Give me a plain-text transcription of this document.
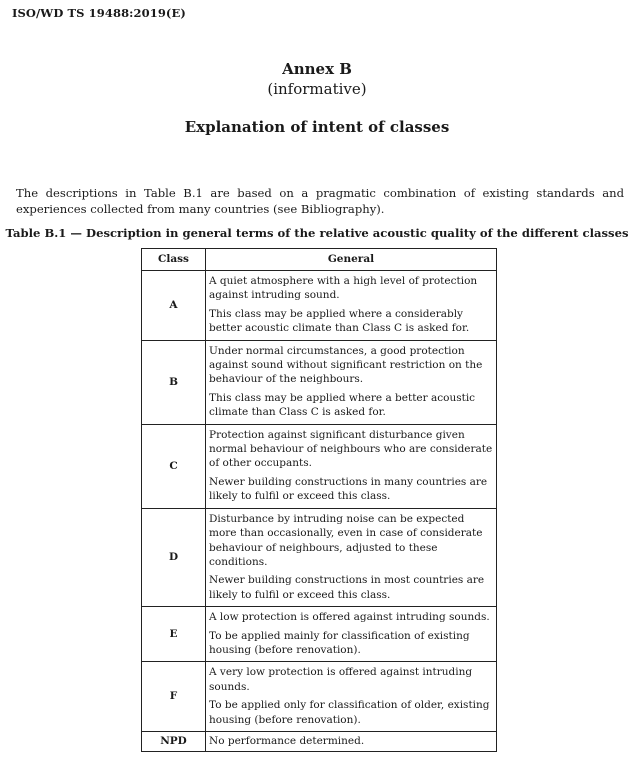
ISO/WD TS 19488:2019(E)
Annex B
(informative)
Explanation of intent of classes
The descriptions in Table B.1 are based on a pragmatic combination of existing standards and experiences collected from many countries (see Bibliography).
Table B.1 — Description in general terms of the relative acoustic quality of the different classes
Class	General
A	A quiet atmosphere with a high level of protection against intruding sound.

This class may be applied where a considerably better acoustic climate than Class C is asked for.

B	Under normal circumstances, a good protection against sound without significant restriction on the behaviour of the neighbours.

This class may be applied where a better acoustic climate than Class C is asked for.

C	Protection against significant disturbance given normal behaviour of neighbours who are considerate of other occupants.

Newer building constructions in many countries are likely to fulfil or exceed this class.

D	Disturbance by intruding noise can be expected more than occasionally, even in case of considerate behaviour of neighbours, adjusted to these conditions.

Newer building constructions in most countries are likely to fulfil or exceed this class.

E	A low protection is offered against intruding sounds.

To be applied mainly for classification of existing housing (before renovation).

F	A very low protection is offered against intruding sounds.

To be applied only for classification of older, existing housing (before renovation).

NPD	No performance determined.
